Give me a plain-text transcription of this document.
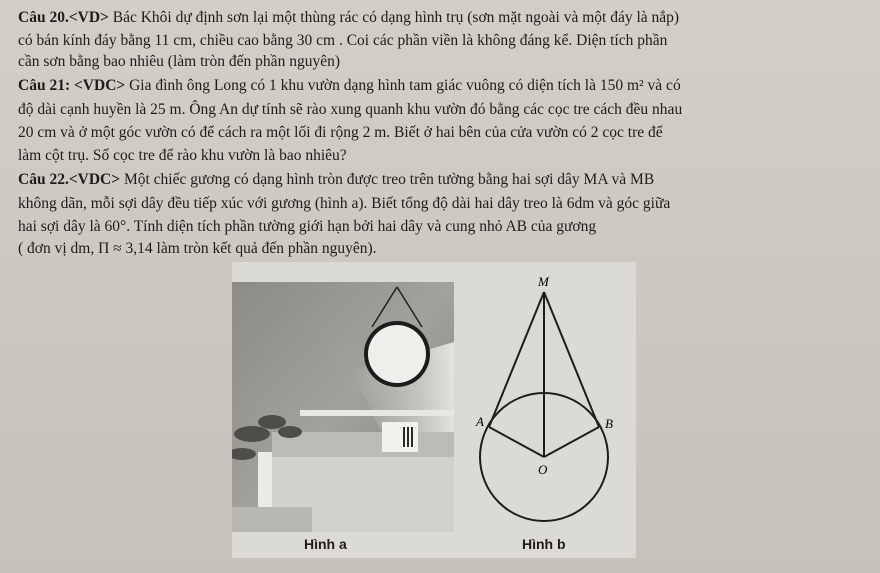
Câu 20.<VD> Bác Khôi dự định sơn lại một thùng rác có dạng hình trụ (sơn mặt ngoài và một đáy là nắp)
có bán kính đáy bằng 11 cm, chiều cao bằng 30 cm . Coi các phần viền là không đáng kể. Diện tích phần
cần sơn bằng bao nhiêu (làm tròn đến phần nguyên)
Câu 21: <VDC> Gia đình ông Long có 1 khu vườn dạng hình tam giác vuông có diện tích là 150 m² và có
độ dài cạnh huyền là 25 m. Ông An dự tính sẽ rào xung quanh khu vườn đó bằng các cọc tre cách đều nhau
20 cm và ở một góc vườn có để cách ra một lối đi rộng 2 m. Biết ở hai bên của cửa vườn có 2 cọc tre để
làm cột trụ. Số cọc tre để rào khu vườn là bao nhiêu?
Câu 22.<VDC> Một chiếc gương có dạng hình tròn được treo trên tường bằng hai sợi dây MA và MB
không dãn, mỗi sợi dây đều tiếp xúc với gương (hình a). Biết tổng độ dài hai dây treo là 6dm và góc giữa
hai sợi dây là 60°. Tính diện tích phần tường giới hạn bởi hai dây và cung nhỏ AB của gương
( đơn vị dm, Π ≈ 3,14 làm tròn kết quả đến phần nguyên).
M
A	B
O
Hình a	Hình b
